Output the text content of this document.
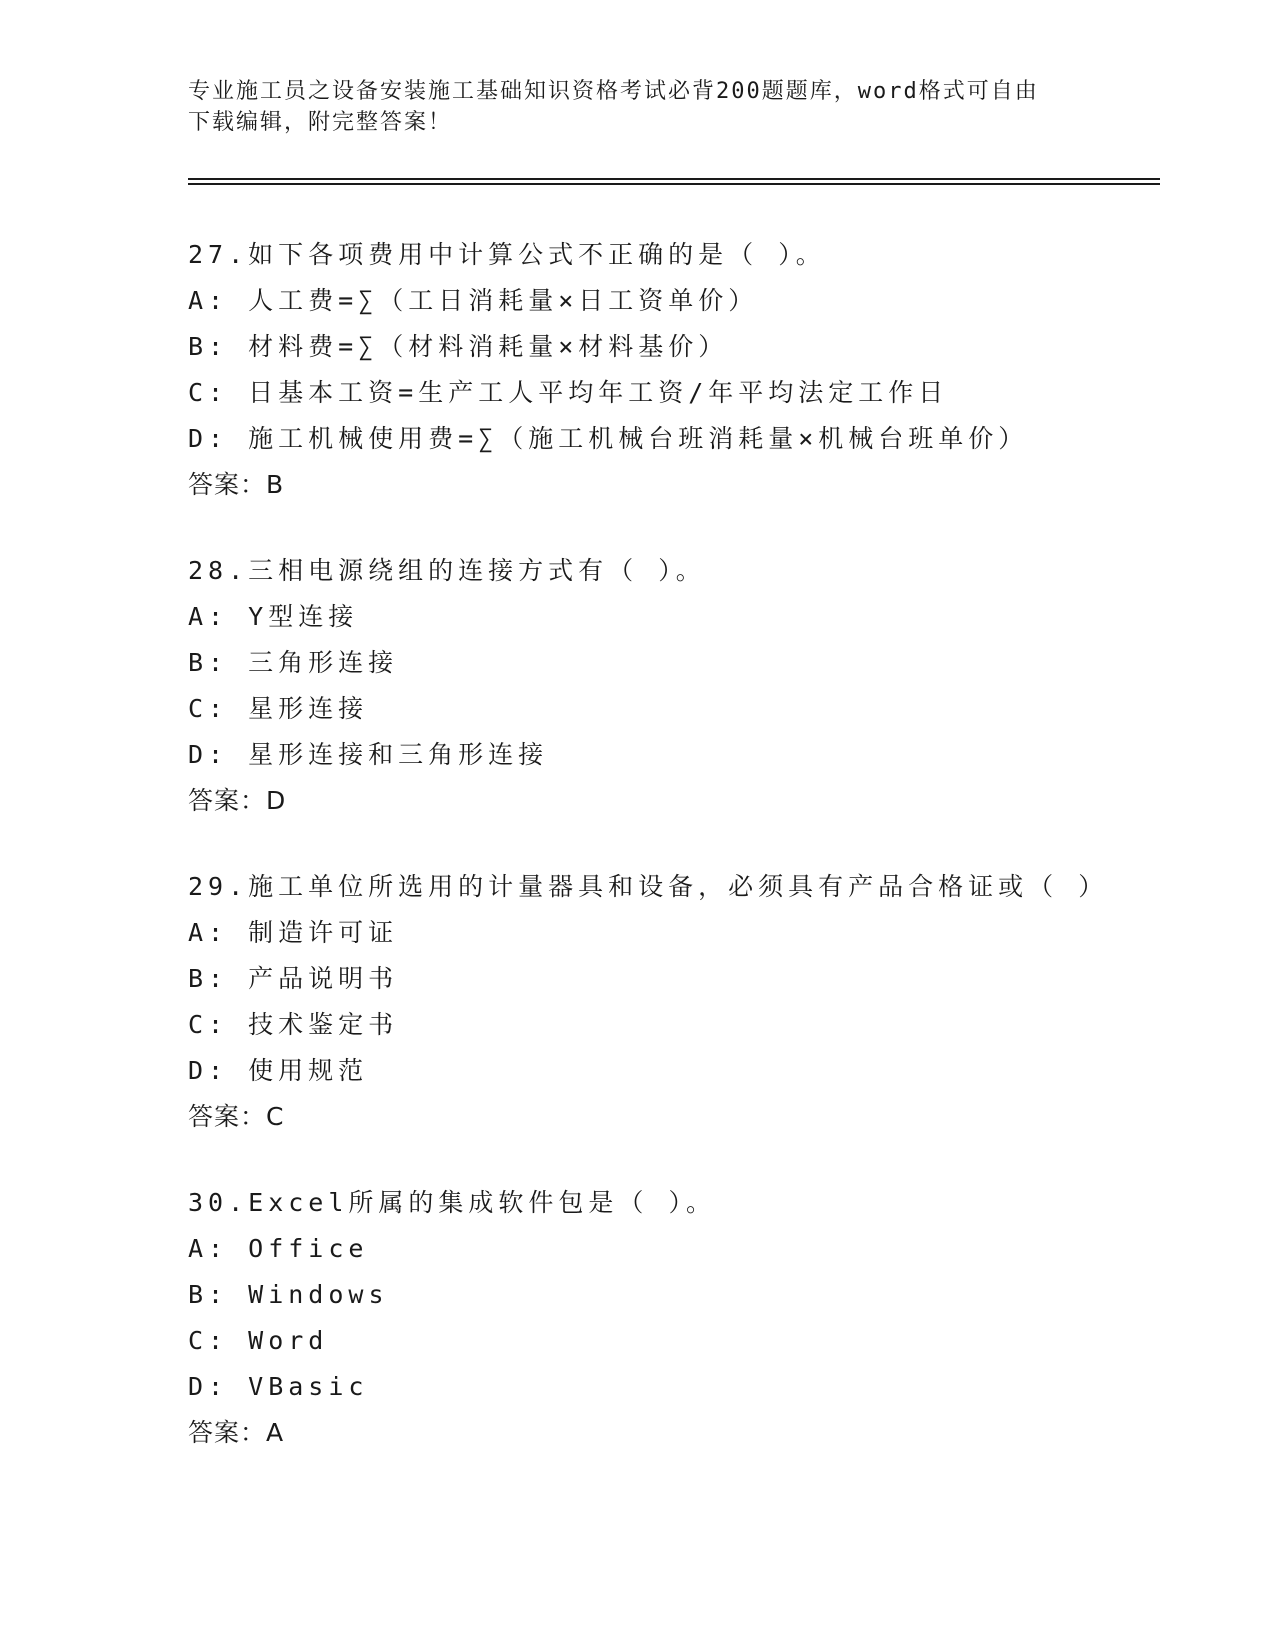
专业施工员之设备安装施工基础知识资格考试必背200题题库，word格式可自由
下载编辑，附完整答案！
27.如下各项费用中计算公式不正确的是（ ）。
A: 人工费=∑（工日消耗量×日工资单价）
B: 材料费=∑（材料消耗量×材料基价）
C: 日基本工资=生产工人平均年工资/年平均法定工作日
D: 施工机械使用费=∑（施工机械台班消耗量×机械台班单价）
答案：B
28.三相电源绕组的连接方式有（ ）。
A: Y型连接
B: 三角形连接
C: 星形连接
D: 星形连接和三角形连接
答案：D
29.施工单位所选用的计量器具和设备，必须具有产品合格证或（ ）
A: 制造许可证
B: 产品说明书
C: 技术鉴定书
D: 使用规范
答案：C
30.Excel所属的集成软件包是（ ）。
A: Office
B: Windows
C: Word
D: VBasic
答案：A
